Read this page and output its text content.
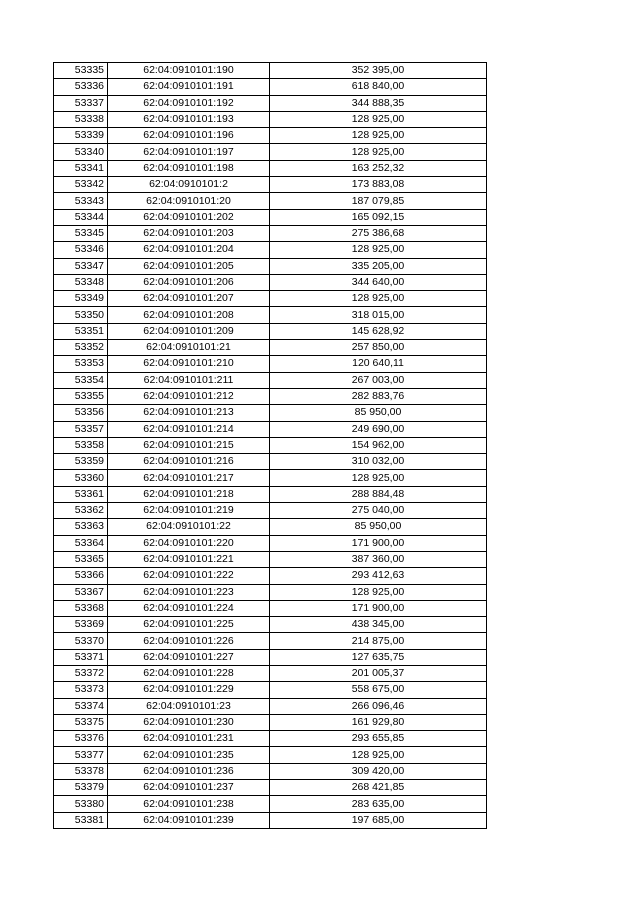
53335	62:04:0910101:190	352 395,00
53336	62:04:0910101:191	618 840,00
53337	62:04:0910101:192	344 888,35
53338	62:04:0910101:193	128 925,00
53339	62:04:0910101:196	128 925,00
53340	62:04:0910101:197	128 925,00
53341	62:04:0910101:198	163 252,32
53342	62:04:0910101:2	173 883,08
53343	62:04:0910101:20	187 079,85
53344	62:04:0910101:202	165 092,15
53345	62:04:0910101:203	275 386,68
53346	62:04:0910101:204	128 925,00
53347	62:04:0910101:205	335 205,00
53348	62:04:0910101:206	344 640,00
53349	62:04:0910101:207	128 925,00
53350	62:04:0910101:208	318 015,00
53351	62:04:0910101:209	145 628,92
53352	62:04:0910101:21	257 850,00
53353	62:04:0910101:210	120 640,11
53354	62:04:0910101:211	267 003,00
53355	62:04:0910101:212	282 883,76
53356	62:04:0910101:213	85 950,00
53357	62:04:0910101:214	249 690,00
53358	62:04:0910101:215	154 962,00
53359	62:04:0910101:216	310 032,00
53360	62:04:0910101:217	128 925,00
53361	62:04:0910101:218	288 884,48
53362	62:04:0910101:219	275 040,00
53363	62:04:0910101:22	85 950,00
53364	62:04:0910101:220	171 900,00
53365	62:04:0910101:221	387 360,00
53366	62:04:0910101:222	293 412,63
53367	62:04:0910101:223	128 925,00
53368	62:04:0910101:224	171 900,00
53369	62:04:0910101:225	438 345,00
53370	62:04:0910101:226	214 875,00
53371	62:04:0910101:227	127 635,75
53372	62:04:0910101:228	201 005,37
53373	62:04:0910101:229	558 675,00
53374	62:04:0910101:23	266 096,46
53375	62:04:0910101:230	161 929,80
53376	62:04:0910101:231	293 655,85
53377	62:04:0910101:235	128 925,00
53378	62:04:0910101:236	309 420,00
53379	62:04:0910101:237	268 421,85
53380	62:04:0910101:238	283 635,00
53381	62:04:0910101:239	197 685,00
